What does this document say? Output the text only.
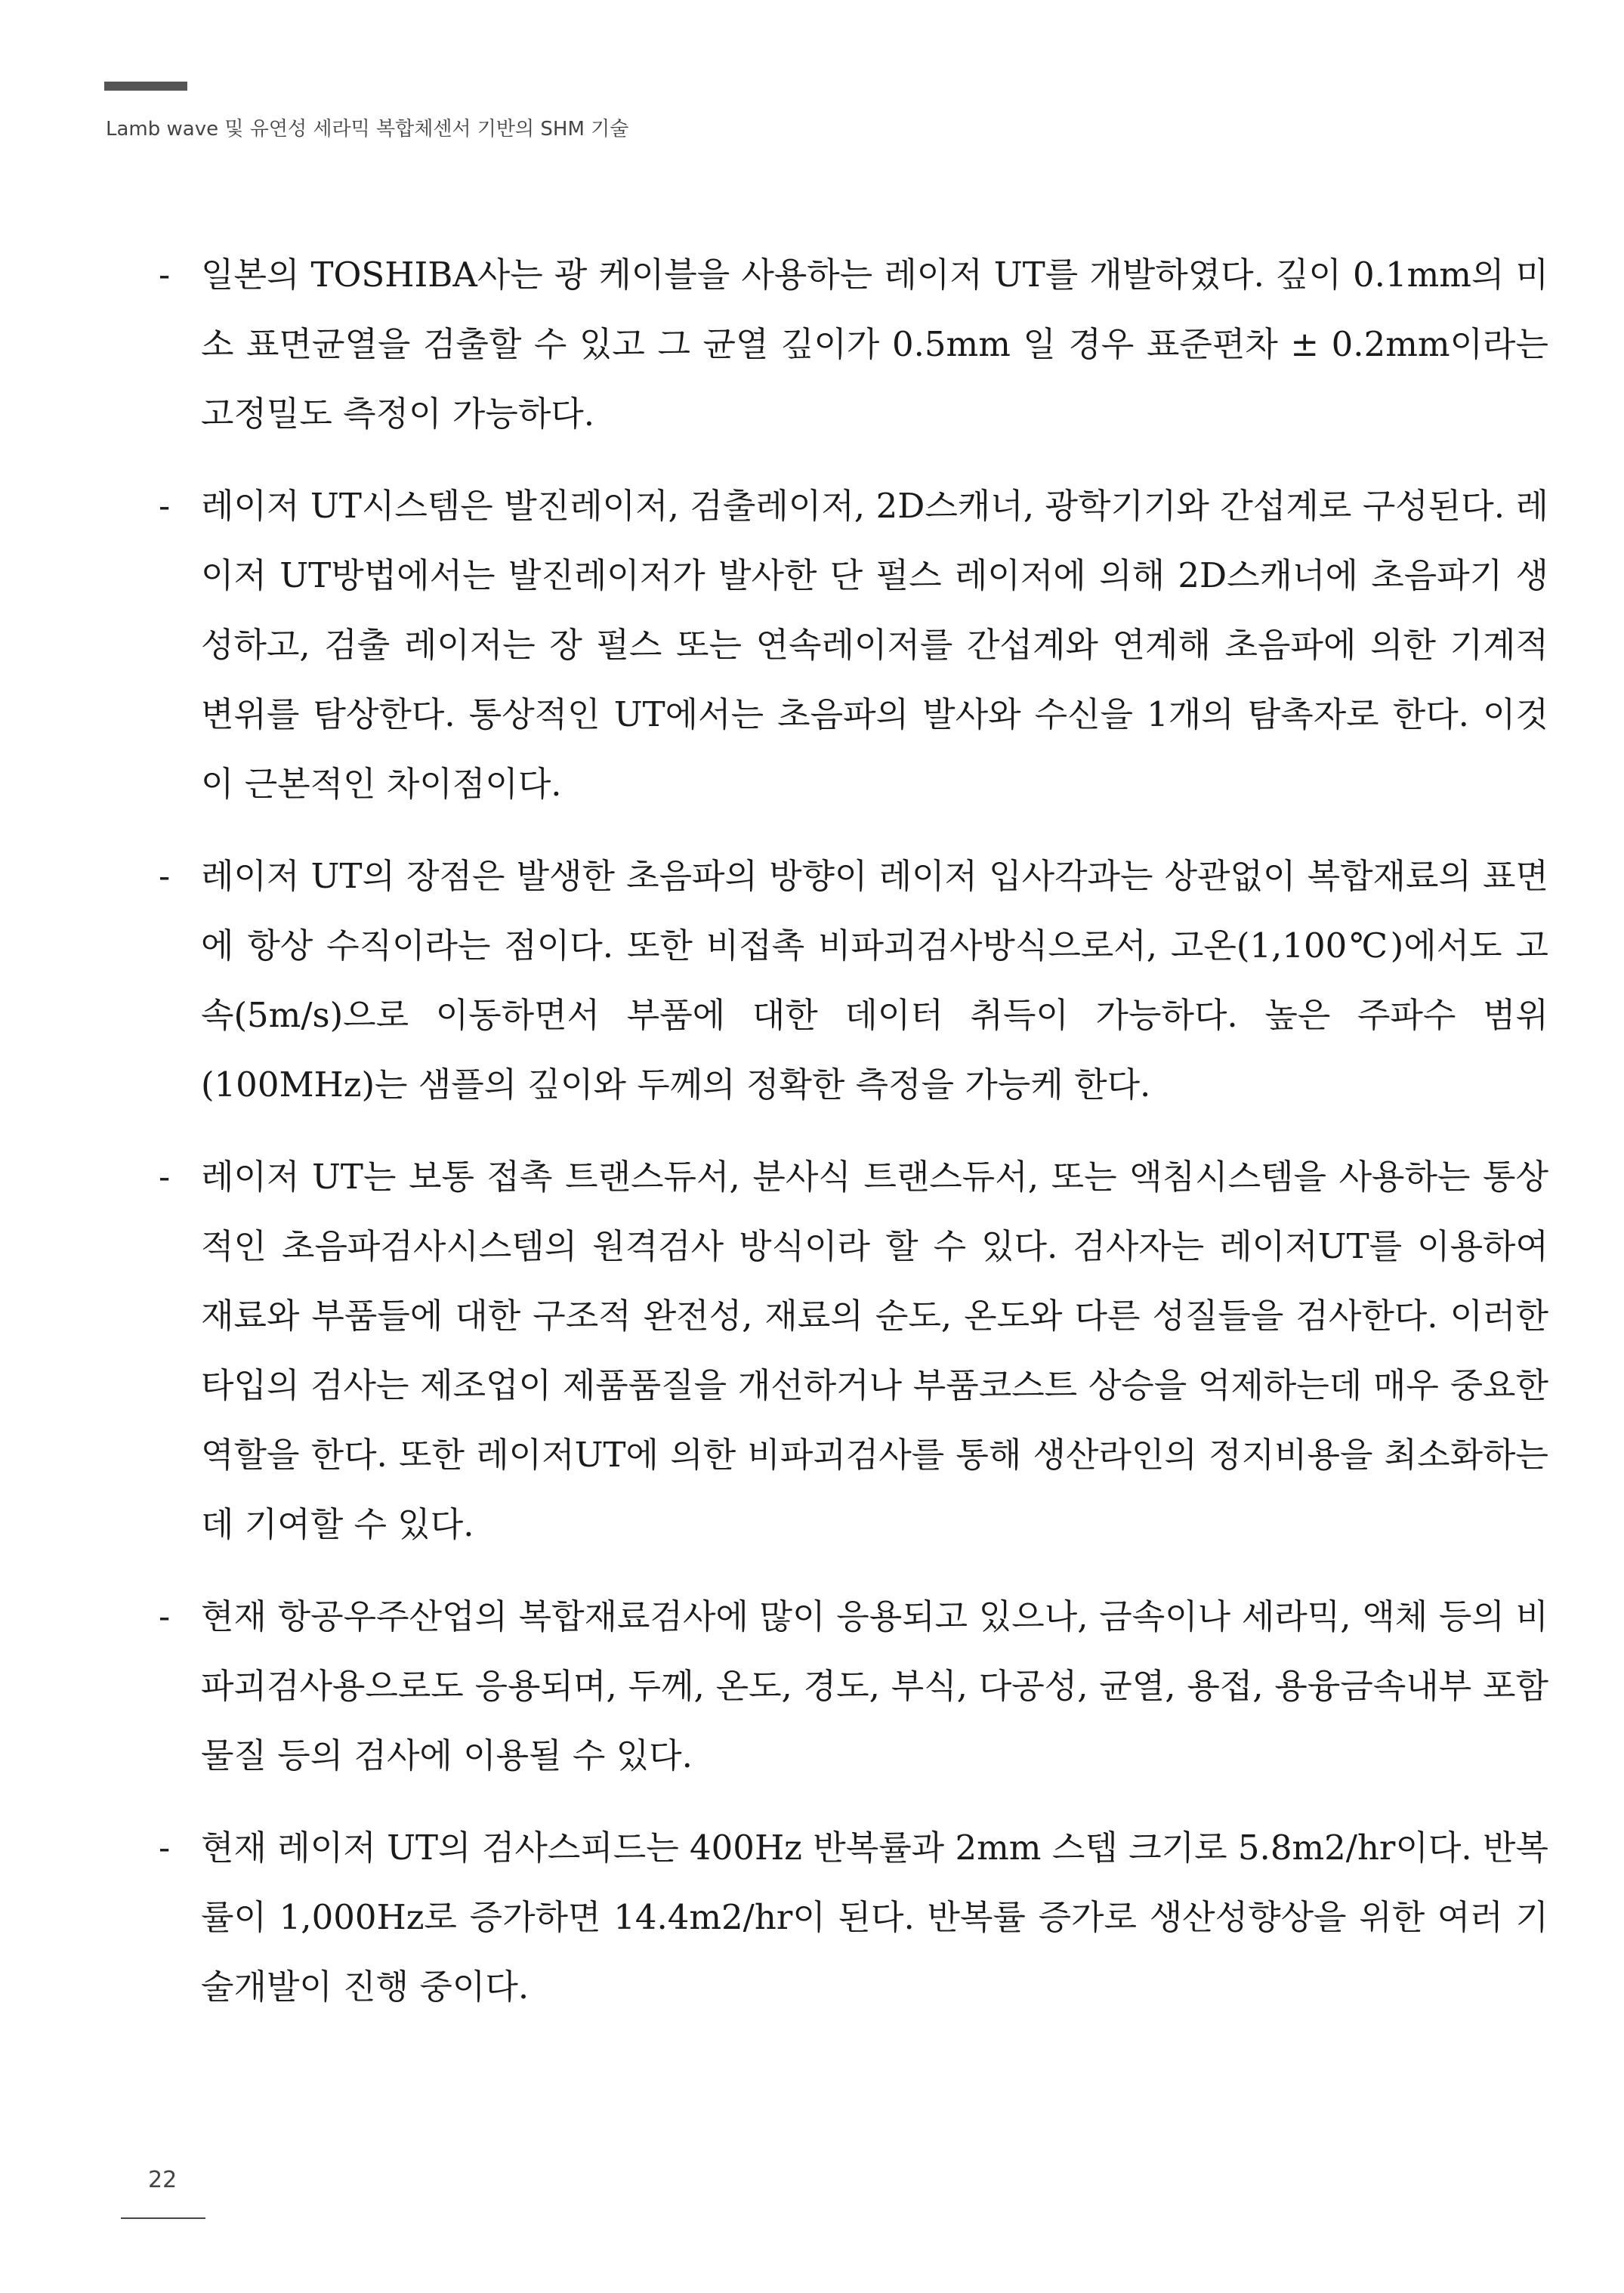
Lamb wave 및 유연성 세라믹 복합체센서 기반의 SHM 기술

- 일본의 TOSHIBA사는 광 케이블을 사용하는 레이저 UT를 개발하였다. 깊이 0.1mm의 미소 표면균열을 검출할 수 있고 그 균열 깊이가 0.5mm 일 경우 표준편차 ± 0.2mm이라는 고정밀도 측정이 가능하다.

- 레이저 UT시스템은 발진레이저, 검출레이저, 2D스캐너, 광학기기와 간섭계로 구성된다. 레이저 UT방법에서는 발진레이저가 발사한 단 펄스 레이저에 의해 2D스캐너에 초음파기 생성하고, 검출 레이저는 장 펄스 또는 연속레이저를 간섭계와 연계해 초음파에 의한 기계적 변위를 탐상한다. 통상적인 UT에서는 초음파의 발사와 수신을 1개의 탐촉자로 한다. 이것이 근본적인 차이점이다.

- 레이저 UT의 장점은 발생한 초음파의 방향이 레이저 입사각과는 상관없이 복합재료의 표면에 항상 수직이라는 점이다. 또한 비접촉 비파괴검사방식으로서, 고온(1,100℃)에서도 고속(5m/s)으로 이동하면서 부품에 대한 데이터 취득이 가능하다. 높은 주파수 범위(100MHz)는 샘플의 깊이와 두께의 정확한 측정을 가능케 한다.

- 레이저 UT는 보통 접촉 트랜스듀서, 분사식 트랜스듀서, 또는 액침시스템을 사용하는 통상적인 초음파검사시스템의 원격검사 방식이라 할 수 있다. 검사자는 레이저UT를 이용하여 재료와 부품들에 대한 구조적 완전성, 재료의 순도, 온도와 다른 성질들을 검사한다. 이러한 타입의 검사는 제조업이 제품품질을 개선하거나 부품코스트 상승을 억제하는데 매우 중요한 역할을 한다. 또한 레이저UT에 의한 비파괴검사를 통해 생산라인의 정지비용을 최소화하는데 기여할 수 있다.

- 현재 항공우주산업의 복합재료검사에 많이 응용되고 있으나, 금속이나 세라믹, 액체 등의 비파괴검사용으로도 응용되며, 두께, 온도, 경도, 부식, 다공성, 균열, 용접, 용융금속내부 포함물질 등의 검사에 이용될 수 있다.

- 현재 레이저 UT의 검사스피드는 400Hz 반복률과 2mm 스텝 크기로 5.8m2/hr이다. 반복률이 1,000Hz로 증가하면 14.4m2/hr이 된다. 반복률 증가로 생산성향상을 위한 여러 기술개발이 진행 중이다.

22
